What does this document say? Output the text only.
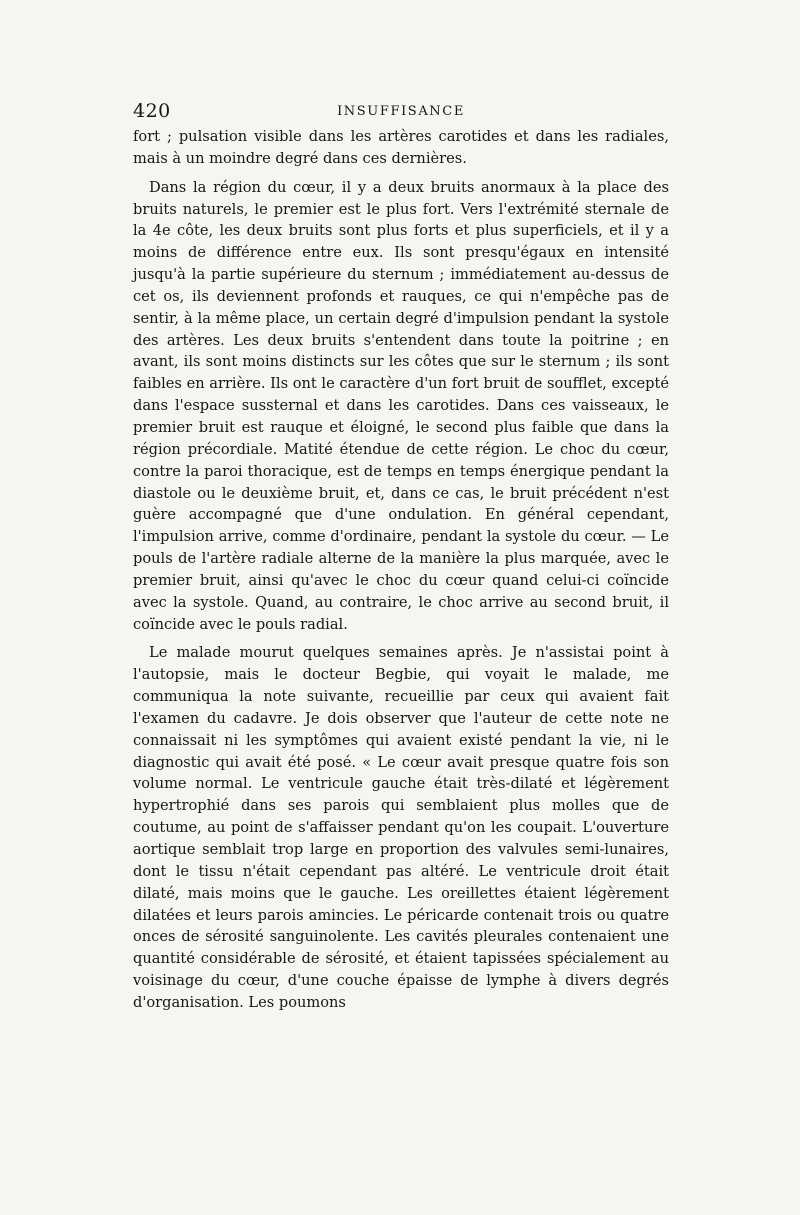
420	INSUFFISANCE

fort ; pulsation visible dans les artères carotides et dans les radiales, mais à un moindre degré dans ces dernières.

Dans la région du cœur, il y a deux bruits anormaux à la place des bruits naturels, le premier est le plus fort. Vers l'extrémité sternale de la 4e côte, les deux bruits sont plus forts et plus superficiels, et il y a moins de différence entre eux. Ils sont presqu'égaux en intensité jusqu'à la partie supérieure du sternum ; immédiatement au-dessus de cet os, ils deviennent profonds et rauques, ce qui n'empêche pas de sentir, à la même place, un certain degré d'impulsion pendant la systole des artères. Les deux bruits s'entendent dans toute la poitrine ; en avant, ils sont moins distincts sur les côtes que sur le sternum ; ils sont faibles en arrière. Ils ont le caractère d'un fort bruit de soufflet, excepté dans l'espace sussternal et dans les carotides. Dans ces vaisseaux, le premier bruit est rauque et éloigné, le second plus faible que dans la région précordiale. Matité étendue de cette région. Le choc du cœur, contre la paroi thoracique, est de temps en temps énergique pendant la diastole ou le deuxième bruit, et, dans ce cas, le bruit précédent n'est guère accompagné que d'une ondulation. En général cependant, l'impulsion arrive, comme d'ordinaire, pendant la systole du cœur. — Le pouls de l'artère radiale alterne de la manière la plus marquée, avec le premier bruit, ainsi qu'avec le choc du cœur quand celui-ci coïncide avec la systole. Quand, au contraire, le choc arrive au second bruit, il coïncide avec le pouls radial.

Le malade mourut quelques semaines après. Je n'assistai point à l'autopsie, mais le docteur Begbie, qui voyait le malade, me communiqua la note suivante, recueillie par ceux qui avaient fait l'examen du cadavre. Je dois observer que l'auteur de cette note ne connaissait ni les symptômes qui avaient existé pendant la vie, ni le diagnostic qui avait été posé. « Le cœur avait presque quatre fois son volume normal. Le ventricule gauche était très-dilaté et légèrement hypertrophié dans ses parois qui semblaient plus molles que de coutume, au point de s'affaisser pendant qu'on les coupait. L'ouverture aortique semblait trop large en proportion des valvules semi-lunaires, dont le tissu n'était cependant pas altéré. Le ventricule droit était dilaté, mais moins que le gauche. Les oreillettes étaient légèrement dilatées et leurs parois amincies. Le péricarde contenait trois ou quatre onces de sérosité sanguinolente. Les cavités pleurales contenaient une quantité considérable de sérosité, et étaient tapissées spécialement au voisinage du cœur, d'une couche épaisse de lymphe à divers degrés d'organisation. Les poumons
